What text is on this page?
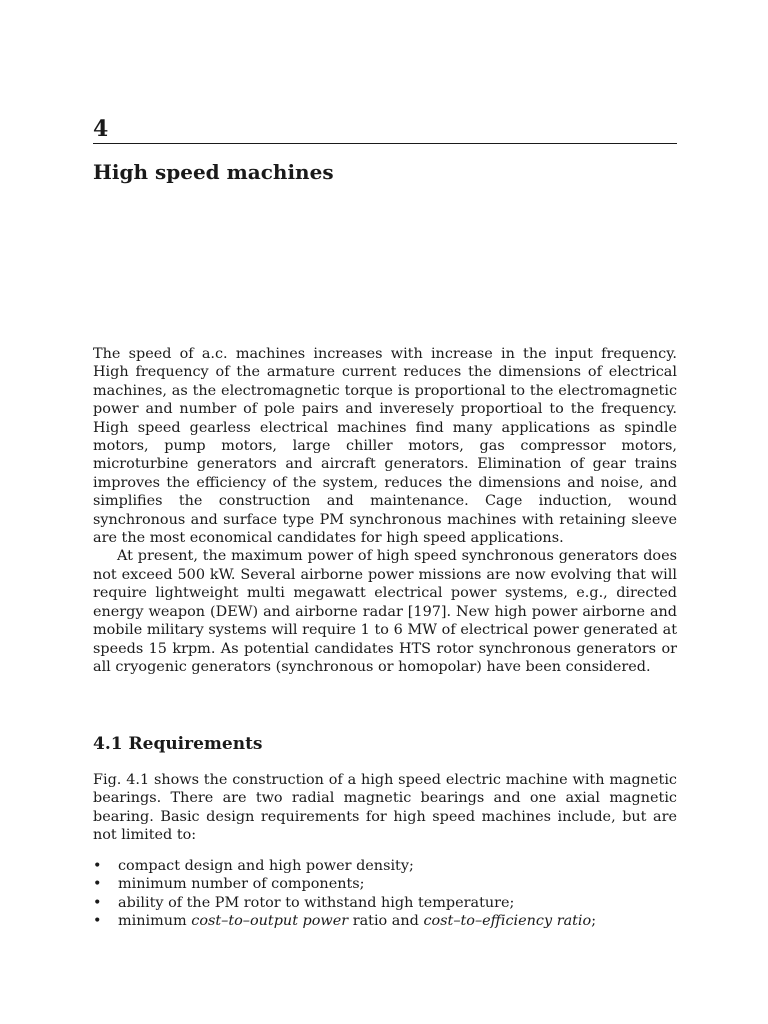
4
High speed machines

The speed of a.c. machines increases with increase in the input frequency. High frequency of the armature current reduces the dimensions of electrical machines, as the electromagnetic torque is proportional to the electromagnetic power and number of pole pairs and inveresely proportioal to the frequency. High speed gearless electrical machines find many applications as spindle motors, pump motors, large chiller motors, gas compressor motors, microturbine generators and aircraft generators. Elimination of gear trains improves the efficiency of the system, reduces the dimensions and noise, and simplifies the construction and maintenance. Cage induction, wound synchronous and surface type PM synchronous machines with retaining sleeve are the most economical candidates for high speed applications.

At present, the maximum power of high speed synchronous generators does not exceed 500 kW. Several airborne power missions are now evolving that will require lightweight multi megawatt electrical power systems, e.g., directed energy weapon (DEW) and airborne radar [197]. New high power airborne and mobile military systems will require 1 to 6 MW of electrical power generated at speeds 15 krpm. As potential candidates HTS rotor synchronous generators or all cryogenic generators (synchronous or homopolar) have been considered.

4.1 Requirements

Fig. 4.1 shows the construction of a high speed electric machine with magnetic bearings. There are two radial magnetic bearings and one axial magnetic bearing. Basic design requirements for high speed machines include, but are not limited to:

• compact design and high power density;
• minimum number of components;
• ability of the PM rotor to withstand high temperature;
• minimum cost–to–output power ratio and cost–to–efficiency ratio;
